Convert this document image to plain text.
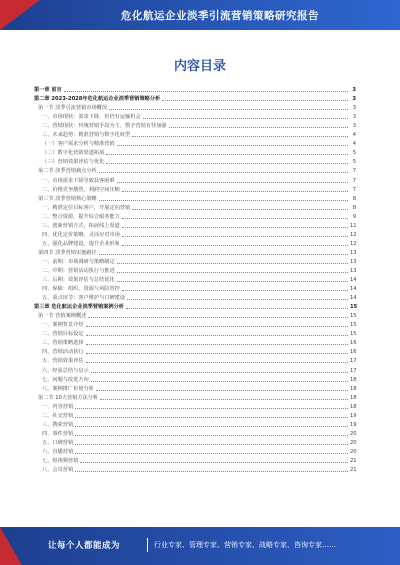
危化航运企业淡季引流营销策略研究报告
内容目录
第一章 前言	3
第二章 2023-2028年危化航运企业淡季营销策略分析	3
第一节 淡季引流营销市场概况	3
一、市场现状：需求下降，但仍有运输机会	3
二、营销现状：传统营销手段为主，数字营销有待加强	3
三、未来趋势：精准营销与数字化转型	4
（一）客户需求分析与精准营销	4
（二）数字化营销渠道拓展	5
（三）营销效果评估与优化	5
第二节 淡季营销痛点分析	7
一、市场需求下降导致获客困难	7
二、价格竞争激烈，利润空间压缩	7
第三节 淡季营销核心策略	8
一、精准定位目标客户，开展定向营销	8
二、整合资源，提升综合服务能力	9
三、创新营销方式，拓展线上渠道	11
四、优化定价策略，灵活应对市场	12
五、强化品牌建设，提升企业形象	12
第四节 淡季营销实施路径	13
一、前期：市场调研与策略制定	13
二、中期：营销活动执行与推进	13
三、后期：效果评估与总结优化	14
四、保障：组织、资源与风险管控	14
五、重点环节：客户维护与口碑建设	14
第三章 危化航运企业淡季营销案例分析	15
第一节 营销案例概述	15
一、案例背景介绍	15
二、营销目标设定	15
三、营销策略选择	16
四、营销活动执行	16
五、营销效果评估	17
六、经验总结与启示	17
七、问题与改进方向	18
八、案例推广价值分析	18
第二节 10大营销方法分析	18
一、内容营销	18
二、社交营销	19
三、搜索营销	19
四、事件营销	20
五、口碑营销	20
六、直播营销	20
七、短视频营销	21
八、会员营销	21
让每个人都能成为	行业专家、管理专家、营销专家、战略专家、咨询专家……
